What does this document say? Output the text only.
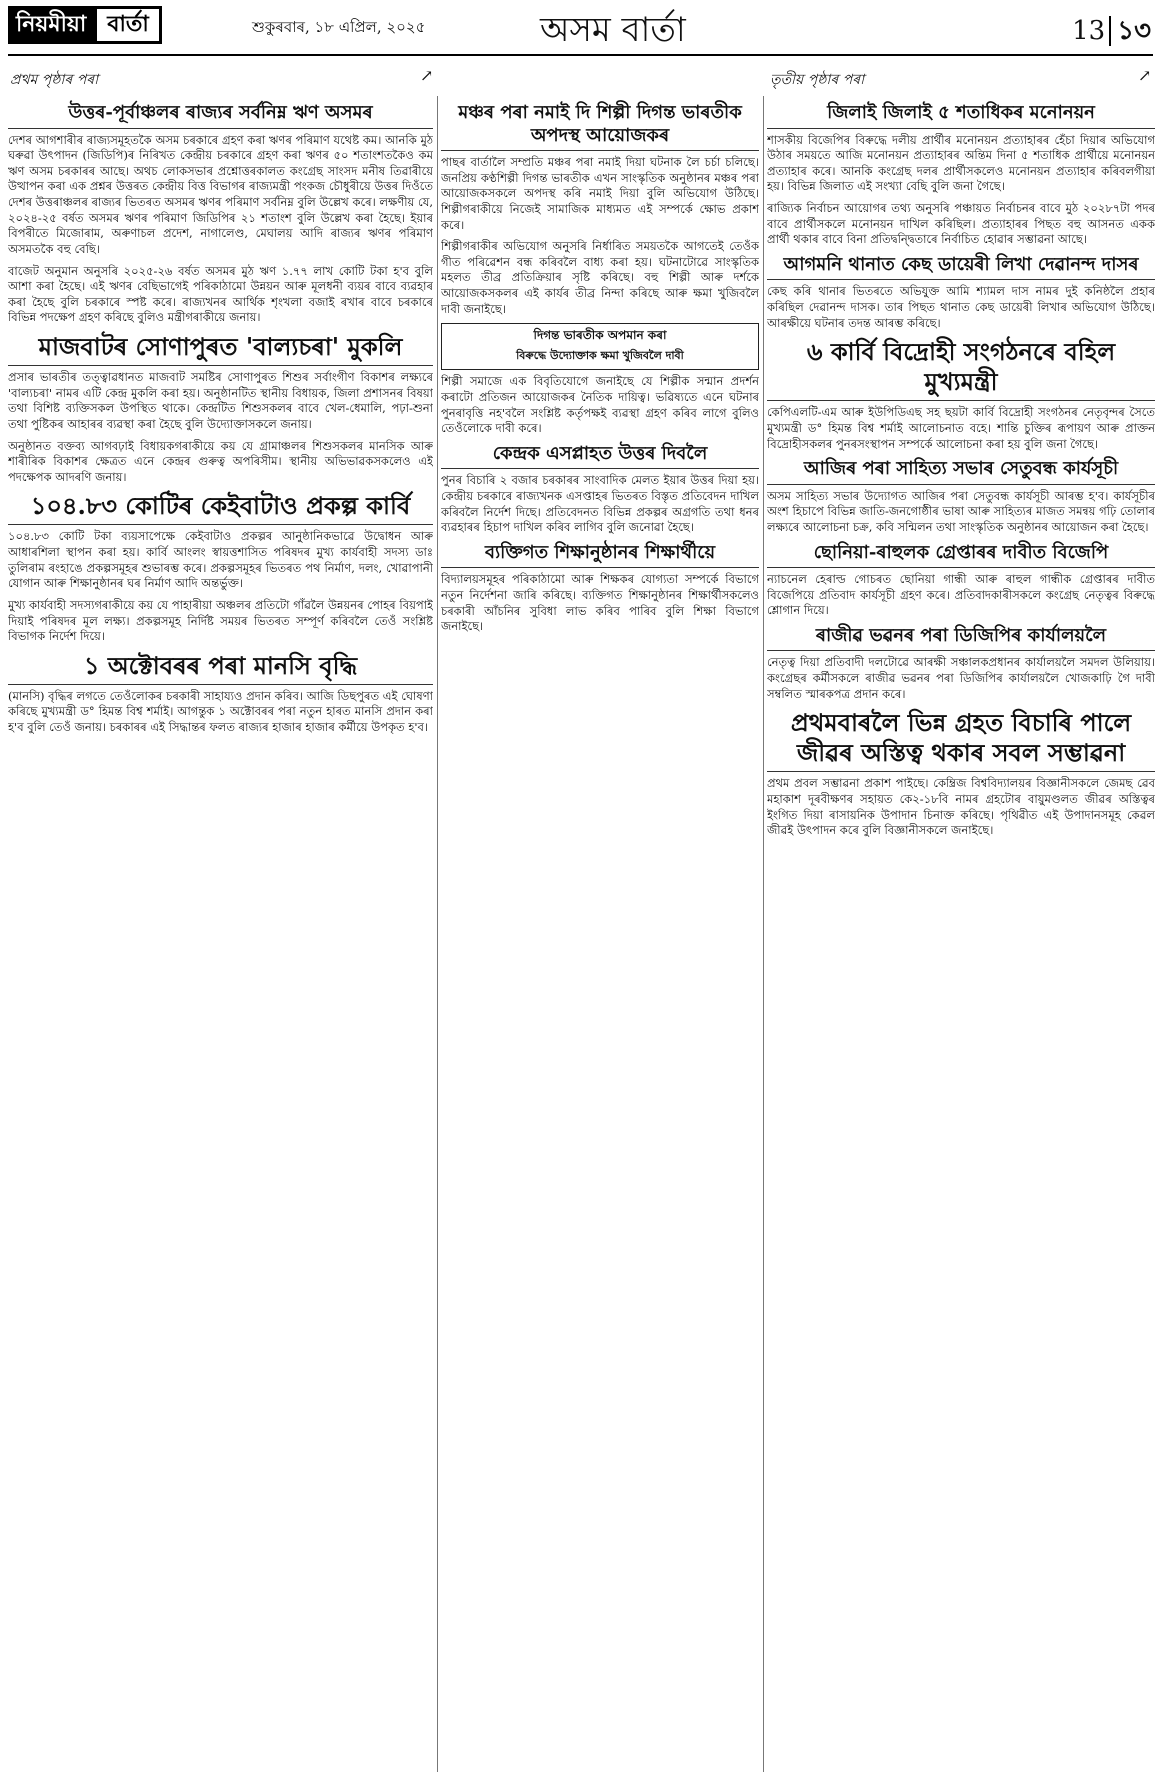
নিয়মীয়া বাৰ্তা	শুকুৰবাৰ, ১৮ এপ্ৰিল, ২০২৫	অসম বাৰ্তা	13 ১৩
প্ৰথম পৃষ্ঠাৰ পৰা	↗	তৃতীয় পৃষ্ঠাৰ পৰা	↗
উত্তৰ-পূৰ্বাঞ্চলৰ ৰাজ্যৰ সৰ্বনিম্ন ঋণ অসমৰ

দেশৰ আগশাৰীৰ ৰাজ্যসমূহতকৈ অসম চৰকাৰে গ্ৰহণ কৰা ঋণৰ পৰিমাণ যথেষ্ট কম। আনকি মুঠ ঘৰুৱা উৎপাদন (জিডিপি)ৰ নিৰিখত কেন্দ্ৰীয় চৰকাৰে গ্ৰহণ কৰা ঋণৰ ৫০ শতাংশতকৈও কম ঋণ অসম চৰকাৰৰ আছে। অথচ লোকসভাৰ প্ৰশ্নোত্তৰকালত কংগ্ৰেছ সাংসদ মনীষ তিৱাৰীয়ে উত্থাপন কৰা এক প্ৰশ্নৰ উত্তৰত কেন্দ্ৰীয় বিত্ত বিভাগৰ ৰাজ্যমন্ত্ৰী পংকজ চৌধুৰীয়ে উত্তৰ দিওঁতে দেশৰ উত্তৰাঞ্চলৰ ৰাজ্যৰ ভিতৰত অসমৰ ঋণৰ পৰিমাণ সৰ্বনিম্ন বুলি উল্লেখ কৰে। লক্ষণীয় যে, ২০২৪-২৫ বৰ্ষত অসমৰ ঋণৰ পৰিমাণ জিডিপিৰ ২১ শতাংশ বুলি উল্লেখ কৰা হৈছে। ইয়াৰ বিপৰীতে মিজোৰাম, অৰুণাচল প্ৰদেশ, নাগালেণ্ড, মেঘালয় আদি ৰাজ্যৰ ঋণৰ পৰিমাণ অসমতকৈ বহু বেছি।

বাজেট অনুমান অনুসৰি ২০২৫-২৬ বৰ্ষত অসমৰ মুঠ ঋণ ১.৭৭ লাখ কোটি টকা হ'ব বুলি আশা কৰা হৈছে। এই ঋণৰ বেছিভাগেই পৰিকাঠামো উন্নয়ন আৰু মূলধনী ব্যয়ৰ বাবে ব্যৱহাৰ কৰা হৈছে বুলি চৰকাৰে স্পষ্ট কৰে। ৰাজ্যখনৰ আৰ্থিক শৃংখলা বজাই ৰখাৰ বাবে চৰকাৰে বিভিন্ন পদক্ষেপ গ্ৰহণ কৰিছে বুলিও মন্ত্ৰীগৰাকীয়ে জনায়।

মাজবাটৰ সোণাপুৰত 'বাল্যচৰা' মুকলি

প্ৰসাৰ ভাৰতীৰ তত্ত্বাৱধানত মাজবাট সমষ্টিৰ সোণাপুৰত শিশুৰ সৰ্বাংগীণ বিকাশৰ লক্ষ্যৰে 'বাল্যচৰা' নামৰ এটি কেন্দ্ৰ মুকলি কৰা হয়। অনুষ্ঠানটিত স্থানীয় বিধায়ক, জিলা প্ৰশাসনৰ বিষয়া তথা বিশিষ্ট ব্যক্তিসকল উপস্থিত থাকে। কেন্দ্ৰটিত শিশুসকলৰ বাবে খেল-ধেমালি, পঢ়া-শুনা তথা পুষ্টিকৰ আহাৰৰ ব্যৱস্থা কৰা হৈছে বুলি উদ্যোক্তাসকলে জনায়।

অনুষ্ঠানত বক্তব্য আগবঢ়াই বিধায়কগৰাকীয়ে কয় যে গ্ৰামাঞ্চলৰ শিশুসকলৰ মানসিক আৰু শাৰীৰিক বিকাশৰ ক্ষেত্ৰত এনে কেন্দ্ৰৰ গুৰুত্ব অপৰিসীম। স্থানীয় অভিভাৱকসকলেও এই পদক্ষেপক আদৰণি জনায়।

১০৪.৮৩ কোটিৰ কেইবাটাও প্ৰকল্প কাৰ্বি

১০৪.৮৩ কোটি টকা ব্যয়সাপেক্ষে কেইবাটাও প্ৰকল্পৰ আনুষ্ঠানিকভাৱে উদ্বোধন আৰু আধাৰশিলা স্থাপন কৰা হয়। কাৰ্বি আংলং স্বায়ত্তশাসিত পৰিষদৰ মুখ্য কাৰ্যবাহী সদস্য ডাঃ তুলিৰাম ৰংহাঙে প্ৰকল্পসমূহৰ শুভাৰম্ভ কৰে। প্ৰকল্পসমূহৰ ভিতৰত পথ নিৰ্মাণ, দলং, খোৱাপানী যোগান আৰু শিক্ষানুষ্ঠানৰ ঘৰ নিৰ্মাণ আদি অন্তৰ্ভুক্ত।

মুখ্য কাৰ্যবাহী সদস্যগৰাকীয়ে কয় যে পাহাৰীয়া অঞ্চলৰ প্ৰতিটো গাঁৱলৈ উন্নয়নৰ পোহৰ বিয়পাই দিয়াই পৰিষদৰ মূল লক্ষ্য। প্ৰকল্পসমূহ নিৰ্দিষ্ট সময়ৰ ভিতৰত সম্পূৰ্ণ কৰিবলৈ তেওঁ সংশ্লিষ্ট বিভাগক নিৰ্দেশ দিয়ে।

১ অক্টোবৰৰ পৰা মানসি বৃদ্ধি

(মানসি) বৃদ্ধিৰ লগতে তেওঁলোকৰ চৰকাৰী সাহায্যও প্ৰদান কৰিব। আজি ডিছপুৰত এই ঘোষণা কৰিছে মুখ্যমন্ত্ৰী ড° হিমন্ত বিশ্ব শৰ্মাই। আগন্তুক ১ অক্টোবৰৰ পৰা নতুন হাৰত মানসি প্ৰদান কৰা হ'ব বুলি তেওঁ জনায়। চৰকাৰৰ এই সিদ্ধান্তৰ ফলত ৰাজ্যৰ হাজাৰ হাজাৰ কৰ্মীয়ে উপকৃত হ'ব।

মঞ্চৰ পৰা নমাই দি শিল্পী দিগন্ত ভাৰতীক অপদস্থ আয়োজকৰ

পাছৰ বাৰ্তালৈ সম্প্ৰতি মঞ্চৰ পৰা নমাই দিয়া ঘটনাক লৈ চৰ্চা চলিছে। জনপ্ৰিয় কণ্ঠশিল্পী দিগন্ত ভাৰতীক এখন সাংস্কৃতিক অনুষ্ঠানৰ মঞ্চৰ পৰা আয়োজকসকলে অপদস্থ কৰি নমাই দিয়া বুলি অভিযোগ উঠিছে। শিল্পীগৰাকীয়ে নিজেই সামাজিক মাধ্যমত এই সম্পৰ্কে ক্ষোভ প্ৰকাশ কৰে।

শিল্পীগৰাকীৰ অভিযোগ অনুসৰি নিৰ্ধাৰিত সময়তকৈ আগতেই তেওঁক গীত পৰিৱেশন বন্ধ কৰিবলৈ বাধ্য কৰা হয়। ঘটনাটোৱে সাংস্কৃতিক মহলত তীব্ৰ প্ৰতিক্ৰিয়াৰ সৃষ্টি কৰিছে। বহু শিল্পী আৰু দৰ্শকে আয়োজকসকলৰ এই কাৰ্যৰ তীব্ৰ নিন্দা কৰিছে আৰু ক্ষমা খুজিবলৈ দাবী জনাইছে।

দিগন্ত ভাৰতীক অপমান কৰা
বিৰুদ্ধে উদ্যোক্তাক ক্ষমা খুজিবলৈ দাবী

শিল্পী সমাজে এক বিবৃতিযোগে জনাইছে যে শিল্পীক সন্মান প্ৰদৰ্শন কৰাটো প্ৰতিজন আয়োজকৰ নৈতিক দায়িত্ব। ভৱিষ্যতে এনে ঘটনাৰ পুনৰাবৃত্তি নহ'বলৈ সংশ্লিষ্ট কৰ্তৃপক্ষই ব্যৱস্থা গ্ৰহণ কৰিব লাগে বুলিও তেওঁলোকে দাবী কৰে।

কেন্দ্ৰক এসপ্লাহত উত্তৰ দিবলৈ

পুনৰ বিচাৰি ২ বজাৰ চৰকাৰৰ সাংবাদিক মেলত ইয়াৰ উত্তৰ দিয়া হয়। কেন্দ্ৰীয় চৰকাৰে ৰাজ্যখনক এসপ্তাহৰ ভিতৰত বিস্তৃত প্ৰতিবেদন দাখিল কৰিবলৈ নিৰ্দেশ দিছে। প্ৰতিবেদনত বিভিন্ন প্ৰকল্পৰ অগ্ৰগতি তথা ধনৰ ব্যৱহাৰৰ হিচাপ দাখিল কৰিব লাগিব বুলি জনোৱা হৈছে।

ব্যক্তিগত শিক্ষানুষ্ঠানৰ শিক্ষাৰ্থীয়ে

বিদ্যালয়সমূহৰ পৰিকাঠামো আৰু শিক্ষকৰ যোগ্যতা সম্পৰ্কে বিভাগে নতুন নিৰ্দেশনা জাৰি কৰিছে। ব্যক্তিগত শিক্ষানুষ্ঠানৰ শিক্ষাৰ্থীসকলেও চৰকাৰী আঁচনিৰ সুবিধা লাভ কৰিব পাৰিব বুলি শিক্ষা বিভাগে জনাইছে।

জিলাই জিলাই ৫ শতাধিকৰ মনোনয়ন

শাসকীয় বিজেপিৰ বিৰুদ্ধে দলীয় প্ৰাৰ্থীৰ মনোনয়ন প্ৰত্যাহাৰৰ হেঁচা দিয়াৰ অভিযোগ উঠাৰ সময়তে আজি মনোনয়ন প্ৰত্যাহাৰৰ অন্তিম দিনা ৫ শতাধিক প্ৰাৰ্থীয়ে মনোনয়ন প্ৰত্যাহাৰ কৰে। আনকি কংগ্ৰেছ দলৰ প্ৰাৰ্থীসকলেও মনোনয়ন প্ৰত্যাহাৰ কৰিবলগীয়া হয়। বিভিন্ন জিলাত এই সংখ্যা বেছি বুলি জনা গৈছে।

ৰাজ্যিক নিৰ্বাচন আয়োগৰ তথ্য অনুসৰি পঞ্চায়ত নিৰ্বাচনৰ বাবে মুঠ ২০২৮৭টা পদৰ বাবে প্ৰাৰ্থীসকলে মনোনয়ন দাখিল কৰিছিল। প্ৰত্যাহাৰৰ পিছত বহু আসনত একক প্ৰাৰ্থী থকাৰ বাবে বিনা প্ৰতিদ্বন্দ্বিতাৰে নিৰ্বাচিত হোৱাৰ সম্ভাৱনা আছে।

আগমনি থানাত কেছ ডায়েৰী লিখা দেৱানন্দ দাসৰ

কেছ কৰি থানাৰ ভিতৰতে অভিযুক্ত আমি শ্যামল দাস নামৰ দুই কনিষ্ঠলৈ প্ৰহাৰ কৰিছিল দেৱানন্দ দাসক। তাৰ পিছত থানাত কেছ ডায়েৰী লিখাৰ অভিযোগ উঠিছে। আৰক্ষীয়ে ঘটনাৰ তদন্ত আৰম্ভ কৰিছে।

৬ কাৰ্বি বিদ্ৰোহী সংগঠনৰে বহিল মুখ্যমন্ত্ৰী

কেপিএলটি-এম আৰু ইউপিডিএছ সহ ছয়টা কাৰ্বি বিদ্ৰোহী সংগঠনৰ নেতৃবৃন্দৰ সৈতে মুখ্যমন্ত্ৰী ড° হিমন্ত বিশ্ব শৰ্মাই আলোচনাত বহে। শান্তি চুক্তিৰ ৰূপায়ণ আৰু প্ৰাক্তন বিদ্ৰোহীসকলৰ পুনৰসংস্থাপন সম্পৰ্কে আলোচনা কৰা হয় বুলি জনা গৈছে।

আজিৰ পৰা সাহিত্য সভাৰ সেতুবন্ধ কাৰ্যসূচী

অসম সাহিত্য সভাৰ উদ্যোগত আজিৰ পৰা সেতুবন্ধ কাৰ্যসূচী আৰম্ভ হ'ব। কাৰ্যসূচীৰ অংশ হিচাপে বিভিন্ন জাতি-জনগোষ্ঠীৰ ভাষা আৰু সাহিত্যৰ মাজত সমন্বয় গঢ়ি তোলাৰ লক্ষ্যৰে আলোচনা চক্ৰ, কবি সন্মিলন তথা সাংস্কৃতিক অনুষ্ঠানৰ আয়োজন কৰা হৈছে।

ছোনিয়া-ৰাহুলক গ্ৰেপ্তাৰৰ দাবীত বিজেপি

ন্যাচনেল হেৰাল্ড গোচৰত ছোনিয়া গান্ধী আৰু ৰাহুল গান্ধীক গ্ৰেপ্তাৰৰ দাবীত বিজেপিয়ে প্ৰতিবাদ কাৰ্যসূচী গ্ৰহণ কৰে। প্ৰতিবাদকাৰীসকলে কংগ্ৰেছ নেতৃত্বৰ বিৰুদ্ধে শ্লোগান দিয়ে।

ৰাজীৱ ভৱনৰ পৰা ডিজিপিৰ কাৰ্যালয়লৈ

নেতৃত্ব দিয়া প্ৰতিবাদী দলটোৱে আৰক্ষী সঞ্চালকপ্ৰধানৰ কাৰ্যালয়লৈ সমদল উলিয়ায়। কংগ্ৰেছৰ কৰ্মীসকলে ৰাজীৱ ভৱনৰ পৰা ডিজিপিৰ কাৰ্যালয়লৈ খোজকাঢ়ি গৈ দাবী সম্বলিত স্মাৰকপত্ৰ প্ৰদান কৰে।

প্ৰথমবাৰলৈ ভিন্ন গ্ৰহত বিচাৰি পালে জীৱৰ অস্তিত্ব থকাৰ সবল সম্ভাৱনা

প্ৰথম প্ৰবল সম্ভাৱনা প্ৰকাশ পাইছে। কেম্ব্ৰিজ বিশ্ববিদ্যালয়ৰ বিজ্ঞানীসকলে জেমছ ৱেব মহাকাশ দূৰবীক্ষণৰ সহায়ত কে২-১৮বি নামৰ গ্ৰহটোৰ বায়ুমণ্ডলত জীৱৰ অস্তিত্বৰ ইংগিত দিয়া ৰাসায়নিক উপাদান চিনাক্ত কৰিছে। পৃথিৱীত এই উপাদানসমূহ কেৱল জীৱই উৎপাদন কৰে বুলি বিজ্ঞানীসকলে জনাইছে।
